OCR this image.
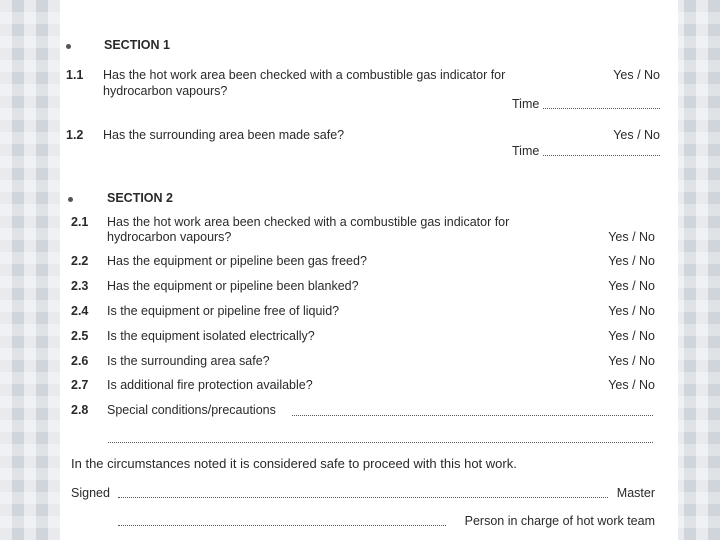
SECTION 1
1.1 Has the hot work area been checked with a combustible gas indicator for
hydrocarbon vapours?
Yes / No
Time
1.2 Has the surrounding area been made safe?	Yes / No
Time
SECTION 2
2.1 Has the hot work area been checked with a combustible gas indicator for
hydrocarbon vapours?	Yes / No
2.2 Has the equipment or pipeline been gas freed?	Yes / No
2.3 Has the equipment or pipeline been blanked?	Yes / No
2.4 Is the equipment or pipeline free of liquid?	Yes / No
2.5 Is the equipment isolated electrically?	Yes / No
2.6 Is the surrounding area safe?	Yes / No
2.7 Is additional fire protection available?	Yes / No
2.8 Special conditions/precautions
In the circumstances noted it is considered safe to proceed with this hot work.
Signed	Master
Person in charge of hot work team
